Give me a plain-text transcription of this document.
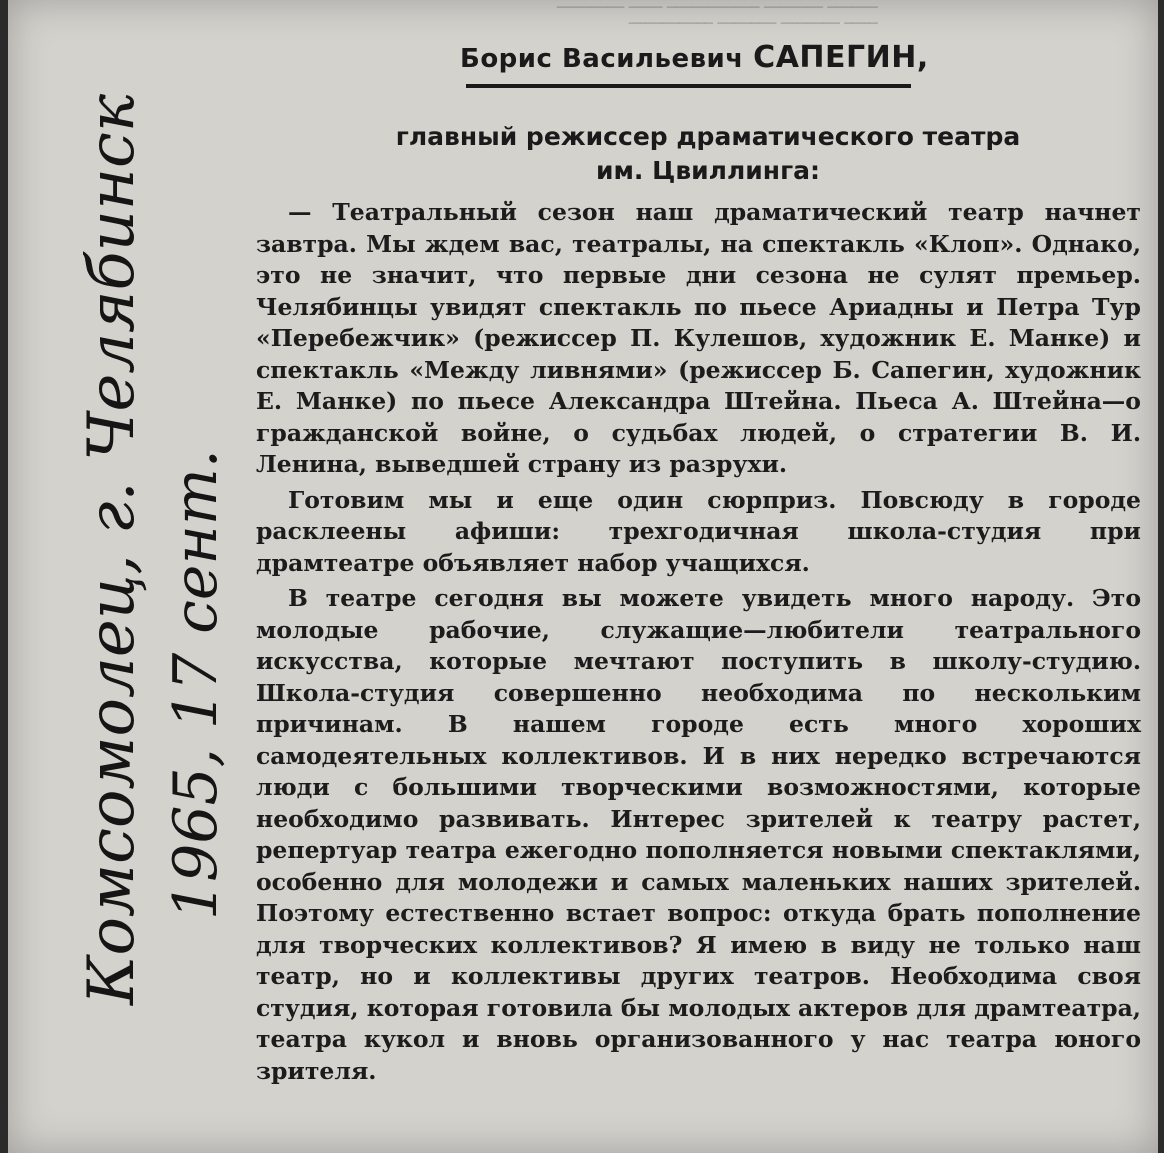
────── ─────── ─────────── ──── ────────
──── ─────── ─────── ──────────
Борис Васильевич САПЕГИН,
главный режиссер драматического театра
им. Цвиллинга:

— Театральный сезон наш драматический театр начнет завтра. Мы ждем вас, театралы, на спектакль «Клоп». Однако, это не значит, что первые дни сезона не сулят премьер. Челябинцы увидят спектакль по пьесе Ариадны и Петра Тур «Перебежчик» (режиссер П. Кулешов, художник Е. Манке) и спектакль «Между ливнями» (режиссер Б. Сапегин, художник Е. Манке) по пьесе Александра Штейна. Пьеса А. Штейна—о гражданской войне, о судьбах людей, о стратегии В. И. Ленина, выведшей страну из разрухи.

Готовим мы и еще один сюрприз. Повсюду в городе расклеены афиши: трехгодичная школа-студия при драмтеатре объявляет набор учащихся.

В театре сегодня вы можете увидеть много народу. Это молодые рабочие, служащие—любители театрального искусства, которые мечтают поступить в школу-студию. Школа-студия совершенно необходима по нескольким причинам. В нашем городе есть много хороших самодеятельных коллективов. И в них нередко встречаются люди с большими творческими возможностями, которые необходимо развивать. Интерес зрителей к театру растет, репертуар театра ежегодно пополняется новыми спектаклями, особенно для молодежи и самых маленьких наших зрителей. Поэтому естественно встает вопрос: откуда брать пополнение для творческих коллективов? Я имею в виду не только наш театр, но и коллективы других театров. Необходима своя студия, которая готовила бы молодых актеров для драмтеатра, театра кукол и вновь организованного у нас театра юного зрителя.

Комсомолец, г. Челябинск 1965, 17 сент.
